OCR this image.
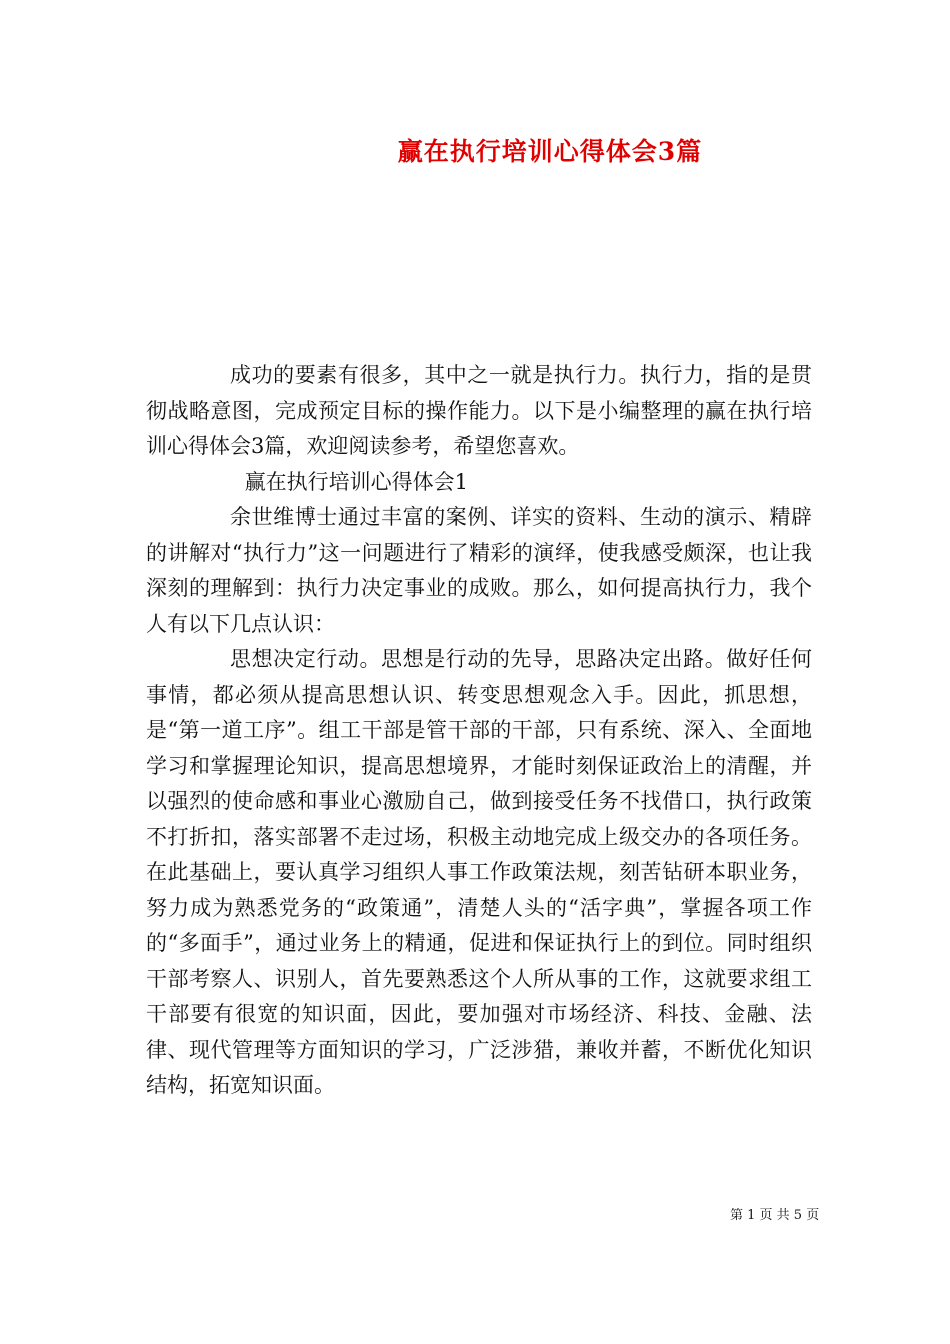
赢在执行培训心得体会3篇

成功的要素有很多，其中之一就是执行力。执行力，指的是贯彻战略意图，完成预定目标的操作能力。以下是小编整理的赢在执行培训心得体会3篇，欢迎阅读参考，希望您喜欢。

赢在执行培训心得体会1

余世维博士通过丰富的案例、详实的资料、生动的演示、精辟的讲解对“执行力”这一问题进行了精彩的演绎，使我感受颇深，也让我深刻的理解到：执行力决定事业的成败。那么，如何提高执行力，我个人有以下几点认识：

思想决定行动。思想是行动的先导，思路决定出路。做好任何事情，都必须从提高思想认识、转变思想观念入手。因此，抓思想，是“第一道工序”。组工干部是管干部的干部，只有系统、深入、全面地学习和掌握理论知识，提高思想境界，才能时刻保证政治上的清醒，并以强烈的使命感和事业心激励自己，做到接受任务不找借口，执行政策不打折扣，落实部署不走过场，积极主动地完成上级交办的各项任务。在此基础上，要认真学习组织人事工作政策法规，刻苦钻研本职业务，努力成为熟悉党务的“政策通”，清楚人头的“活字典”，掌握各项工作的“多面手”，通过业务上的精通，促进和保证执行上的到位。同时组织干部考察人、识别人，首先要熟悉这个人所从事的工作，这就要求组工干部要有很宽的知识面，因此，要加强对市场经济、科技、金融、法律、现代管理等方面知识的学习，广泛涉猎，兼收并蓄，不断优化知识结构，拓宽知识面。

第 1 页 共 5 页
